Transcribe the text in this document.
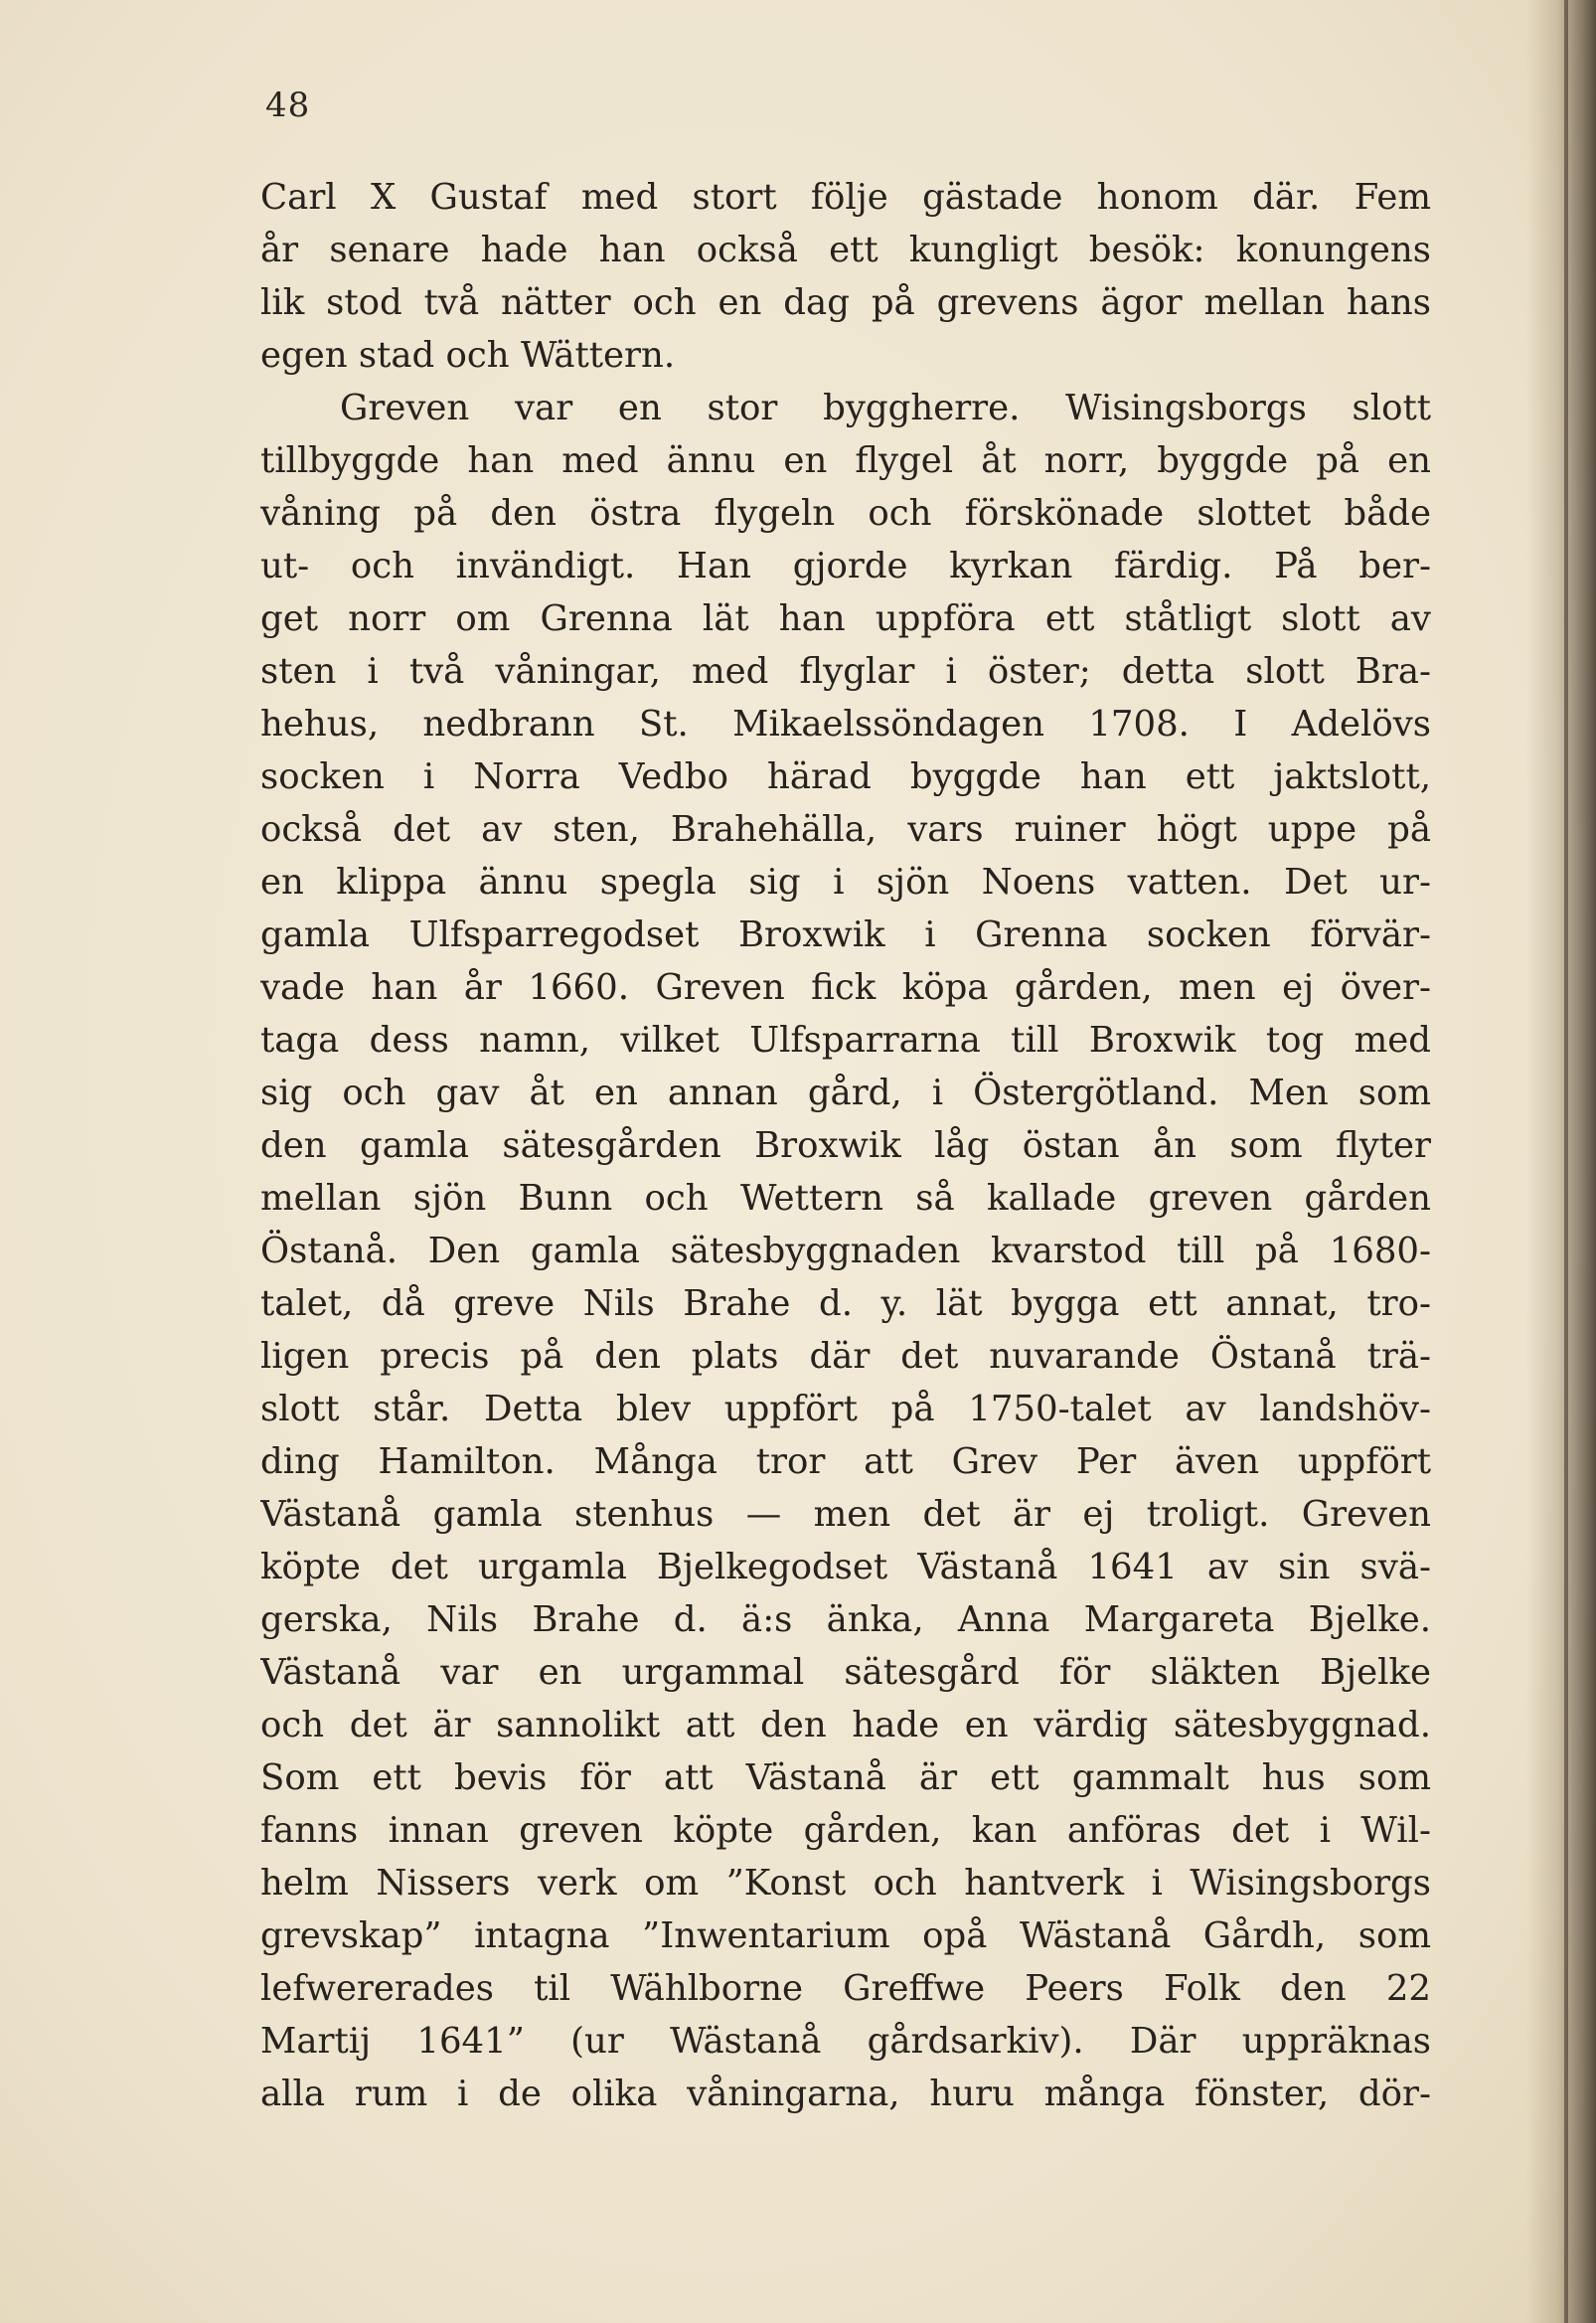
48
Carl X Gustaf med stort följe gästade honom där. Fem
år senare hade han också ett kungligt besök: konungens
lik stod två nätter och en dag på grevens ägor mellan hans
egen stad och Wättern.
Greven var en stor byggherre. Wisingsborgs slott
tillbyggde han med ännu en flygel åt norr, byggde på en
våning på den östra flygeln och förskönade slottet både
ut- och invändigt. Han gjorde kyrkan färdig. På ber-
get norr om Grenna lät han uppföra ett ståtligt slott av
sten i två våningar, med flyglar i öster; detta slott Bra-
hehus, nedbrann St. Mikaelssöndagen 1708. I Adelövs
socken i Norra Vedbo härad byggde han ett jaktslott,
också det av sten, Brahehälla, vars ruiner högt uppe på
en klippa ännu spegla sig i sjön Noens vatten. Det ur-
gamla Ulfsparregodset Broxwik i Grenna socken förvär-
vade han år 1660. Greven fick köpa gården, men ej över-
taga dess namn, vilket Ulfsparrarna till Broxwik tog med
sig och gav åt en annan gård, i Östergötland. Men som
den gamla sätesgården Broxwik låg östan ån som flyter
mellan sjön Bunn och Wettern så kallade greven gården
Östanå. Den gamla sätesbyggnaden kvarstod till på 1680-
talet, då greve Nils Brahe d. y. lät bygga ett annat, tro-
ligen precis på den plats där det nuvarande Östanå trä-
slott står. Detta blev uppfört på 1750-talet av landshöv-
ding Hamilton. Många tror att Grev Per även uppfört
Västanå gamla stenhus — men det är ej troligt. Greven
köpte det urgamla Bjelkegodset Västanå 1641 av sin svä-
gerska, Nils Brahe d. ä:s änka, Anna Margareta Bjelke.
Västanå var en urgammal sätesgård för släkten Bjelke
och det är sannolikt att den hade en värdig sätesbyggnad.
Som ett bevis för att Västanå är ett gammalt hus som
fanns innan greven köpte gården, kan anföras det i Wil-
helm Nissers verk om ”Konst och hantverk i Wisingsborgs
grevskap” intagna ”Inwentarium opå Wästanå Gårdh, som
lefwererades til Wählborne Greffwe Peers Folk den 22
Martij 1641” (ur Wästanå gårdsarkiv). Där uppräknas
alla rum i de olika våningarna, huru många fönster, dör-
